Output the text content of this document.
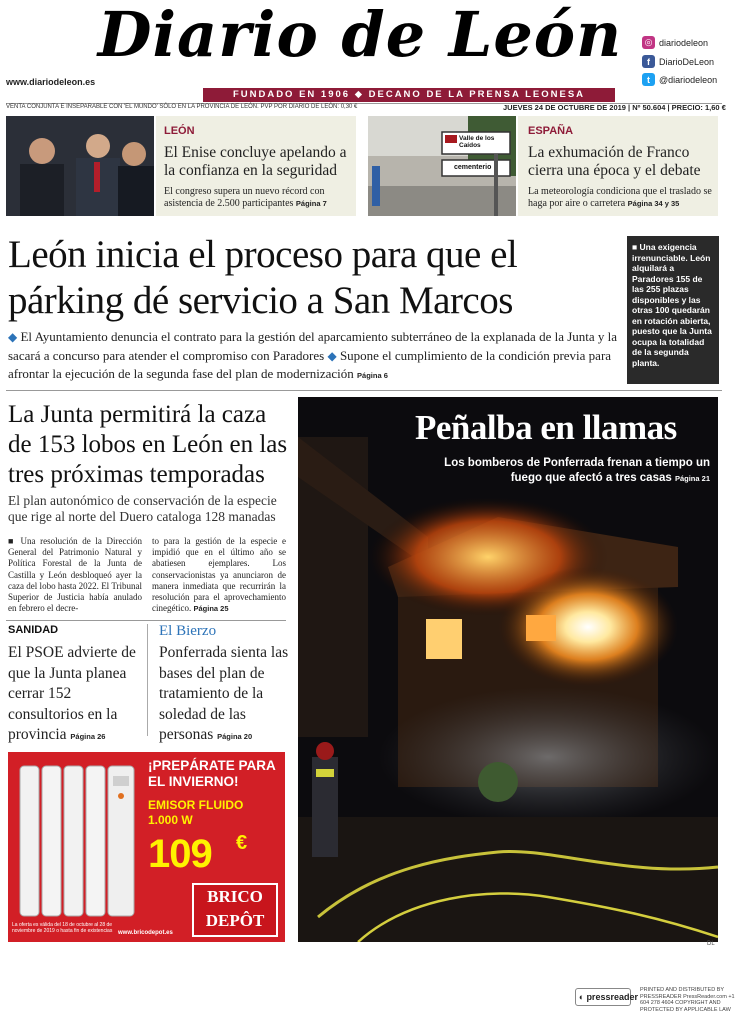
Diario de León
www.diariodeleon.es
FUNDADO EN 1906 ◆ DECANO DE LA PRENSA LEONESA
◎ diariodeleon
f	DiarioDeLeon
t	@diariodeleon
VENTA CONJUNTA E INSEPARABLE CON 'EL MUNDO' SÓLO EN LA PROVINCIA DE LEÓN. PVP POR DIARIO DE LEÓN: 0,30 €	JUEVES 24 DE OCTUBRE DE 2019 | Nº 50.604 | PRECIO: 1,60 €
LEÓN
El Enise concluye apelando a la confianza en la seguridad
El congreso supera un nuevo récord con asistencia de 2.500 participantes Página 7
Valle de los Caídos
cementerio
ESPAÑA
La exhumación de Franco cierra una época y el debate
La meteorología condiciona que el traslado se haga por aire o carretera Página 34 y 35
León inicia el proceso para que el párking dé servicio a San Marcos
◆ El Ayuntamiento denuncia el contrato para la gestión del aparcamiento subterráneo de la explanada de la Junta y la sacará a concurso para atender el compromiso con Paradores ◆ Supone el cumplimiento de la condición previa para afrontar la ejecución de la segunda fase del plan de modernización Página 6
■ Una exigencia irrenunciable. León alquilará a Paradores 155 de las 255 plazas disponibles y las otras 100 quedarán en rotación abierta, puesto que la Junta ocupa la totalidad de la segunda planta.
La Junta permitirá la caza de 153 lobos en León en las tres próximas temporadas
El plan autonómico de conservación de la especie que rige al norte del Duero cataloga 128 manadas
■ Una resolución de la Dirección General del Patrimonio Natural y Política Forestal de la Junta de Castilla y León desbloqueó ayer la caza del lobo hasta 2022. El Tribunal Superior de Justicia había anulado en febrero el decre-
to para la gestión de la especie e impidió que en el último año se abatiesen ejemplares. Los conservacionistas ya anunciaron de manera inmediata que recurrirán la resolución para el aprovechamiento cinegético. Página 25
SANIDAD
El PSOE advierte de que la Junta planea cerrar 152 consultorios en la provincia Página 26
El Bierzo
Ponferrada sienta las bases del plan de tratamiento de la soledad de las personas Página 20
Peñalba en llamas
Los bomberos de Ponferrada frenan a tiempo un fuego que afectó a tres casas Página 21
DL
¡PREPÁRATE PARA
EL INVIERNO!
EMISOR FLUIDO
1.000 W
La oferta es válida del 18 de octubre al 28 de noviembre de 2019 o hasta fin de existencias www.bricodepot.es
109 €
BRICO
DEPÔT
◐ pressreader
PRINTED AND DISTRIBUTED BY PRESSREADER PressReader.com +1 604 278 4604 COPYRIGHT AND PROTECTED BY APPLICABLE LAW
